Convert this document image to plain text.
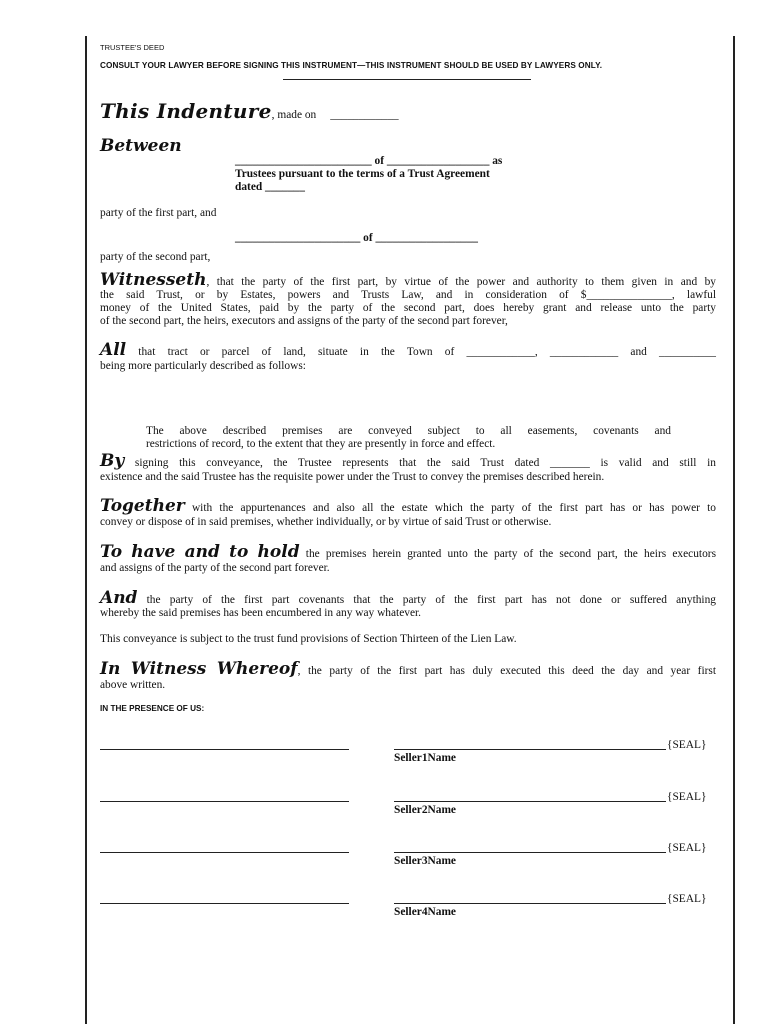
TRUSTEE'S DEED
CONSULT YOUR LAWYER BEFORE SIGNING THIS INSTRUMENT—THIS INSTRUMENT SHOULD BE USED BY LAWYERS ONLY.
This Indenture, made on ____________
Between
________________________ of __________________ as
Trustees pursuant to the terms of a Trust Agreement
dated _______
party of the first part, and
______________________ of __________________
party of the second part,
Witnesseth, that the party of the first part, by virtue of the power and authority to them given in and by
the said Trust, or by Estates, powers and Trusts Law, and in consideration of $_______________, lawful
money of the United States, paid by the party of the second part, does hereby grant and release unto the party
of the second part, the heirs, executors and assigns of the party of the second part forever,
All that tract or parcel of land, situate in the Town of ____________, ____________ and __________
being more particularly described as follows:
The above described premises are conveyed subject to all easements, covenants and
restrictions of record, to the extent that they are presently in force and effect.
By signing this conveyance, the Trustee represents that the said Trust dated _______ is valid and still in
existence and the said Trustee has the requisite power under the Trust to convey the premises described herein.
Together with the appurtenances and also all the estate which the party of the first part has or has power to
convey or dispose of in said premises, whether individually, or by virtue of said Trust or otherwise.
To have and to hold the premises herein granted unto the party of the second part, the heirs executors
and assigns of the party of the second part forever.
And the party of the first part covenants that the party of the first part has not done or suffered anything
whereby the said premises has been encumbered in any way whatever.
This conveyance is subject to the trust fund provisions of Section Thirteen of the Lien Law.
In Witness Whereof, the party of the first part has duly executed this deed the day and year first
above written.
IN THE PRESENCE OF US:
{SEAL}
Seller1Name
{SEAL}
Seller2Name
{SEAL}
Seller3Name
{SEAL}
Seller4Name
